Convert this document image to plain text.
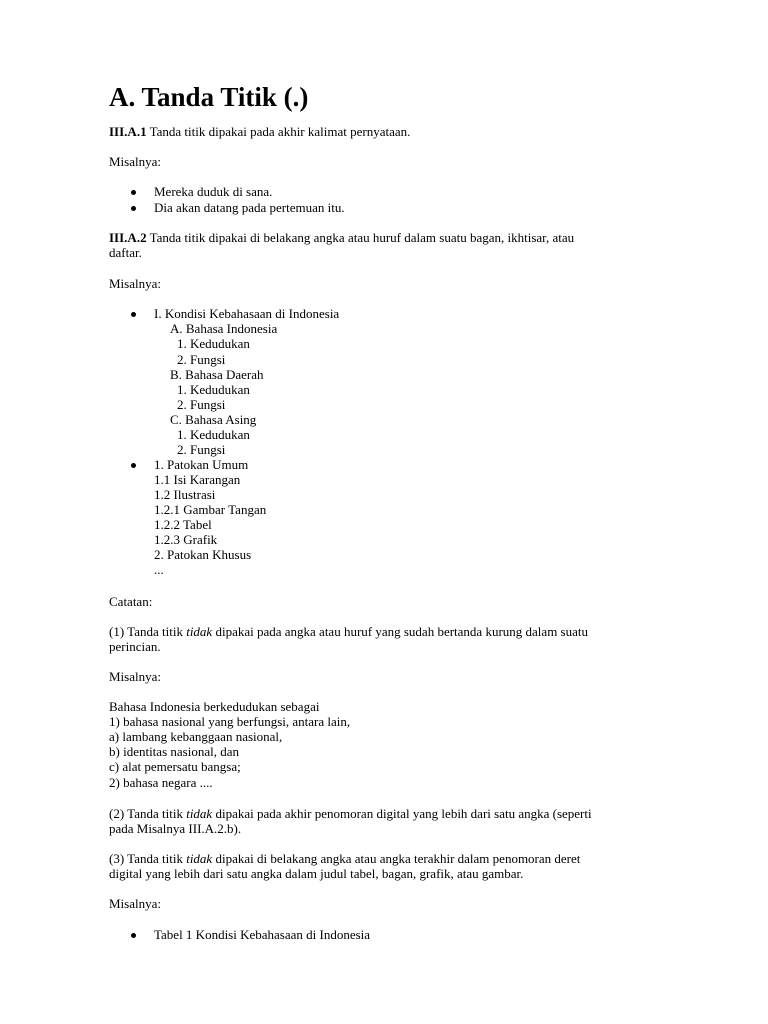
A. Tanda Titik (.)
III.A.1 Tanda titik dipakai pada akhir kalimat pernyataan.
Misalnya:
Mereka duduk di sana.
Dia akan datang pada pertemuan itu.
III.A.2 Tanda titik dipakai di belakang angka atau huruf dalam suatu bagan, ikhtisar, atau
daftar.
Misalnya:
I. Kondisi Kebahasaan di Indonesia
A. Bahasa Indonesia
1. Kedudukan
2. Fungsi
B. Bahasa Daerah
1. Kedudukan
2. Fungsi
C. Bahasa Asing
1. Kedudukan
2. Fungsi
1. Patokan Umum
1.1 Isi Karangan
1.2 Ilustrasi
1.2.1 Gambar Tangan
1.2.2 Tabel
1.2.3 Grafik
2. Patokan Khusus
...
Catatan:
(1) Tanda titik tidak dipakai pada angka atau huruf yang sudah bertanda kurung dalam suatu
perincian.
Misalnya:
Bahasa Indonesia berkedudukan sebagai
1) bahasa nasional yang berfungsi, antara lain,
a) lambang kebanggaan nasional,
b) identitas nasional, dan
c) alat pemersatu bangsa;
2) bahasa negara ....
(2) Tanda titik tidak dipakai pada akhir penomoran digital yang lebih dari satu angka (seperti
pada Misalnya III.A.2.b).
(3) Tanda titik tidak dipakai di belakang angka atau angka terakhir dalam penomoran deret
digital yang lebih dari satu angka dalam judul tabel, bagan, grafik, atau gambar.
Misalnya:
Tabel 1 Kondisi Kebahasaan di Indonesia
